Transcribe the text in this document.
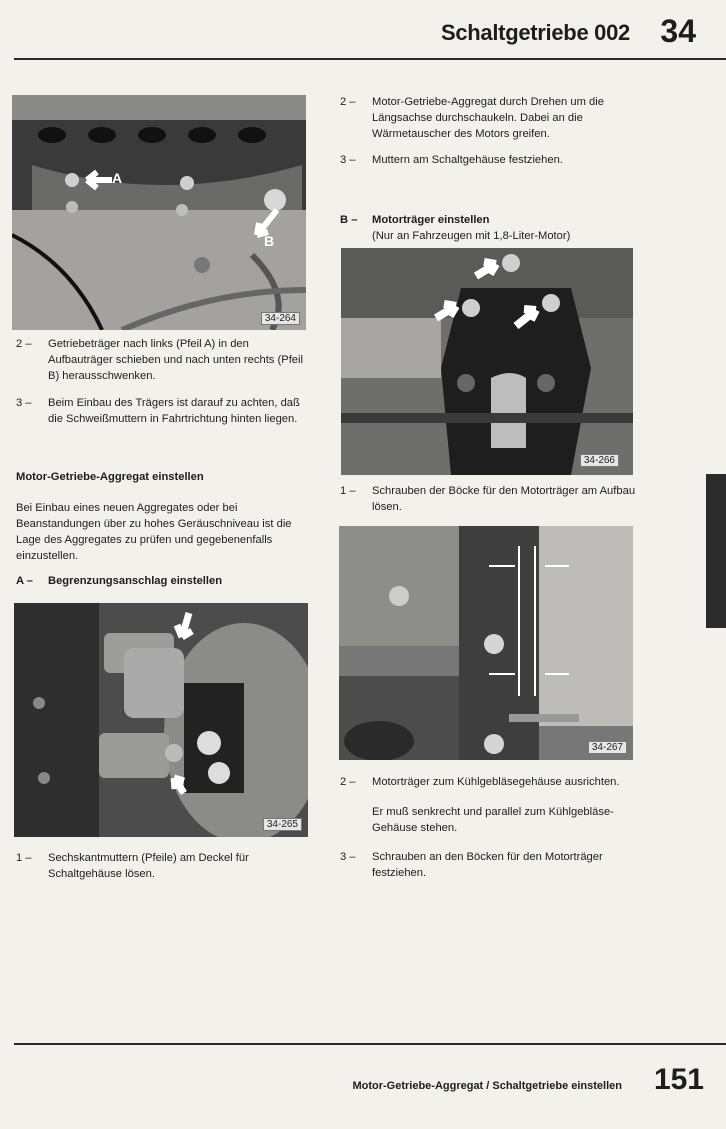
Schaltgetriebe 002 34
A
B
34-264
2 –	Getriebeträger nach links (Pfeil A) in den Aufbauträger schieben und nach unten rechts (Pfeil B) herausschwenken.
3 –	Beim Einbau des Trägers ist darauf zu achten, daß die Schweißmuttern in Fahrtrichtung hinten liegen.
Motor-Getriebe-Aggregat einstellen
Bei Einbau eines neuen Aggregates oder bei Beanstandungen über zu hohes Geräuschniveau ist die Lage des Aggregates zu prüfen und gegebenenfalls einzustellen.
A –	Begrenzungsanschlag einstellen
34-265
1 –	Sechskantmuttern (Pfeile) am Deckel für Schaltgehäuse lösen.
2 –	Motor-Getriebe-Aggregat durch Drehen um die Längsachse durchschaukeln. Dabei an die Wärmetauscher des Motors greifen.
3 –	Muttern am Schaltgehäuse festziehen.
B –	Motorträger einstellen
(Nur an Fahrzeugen mit 1,8-Liter-Motor)
34-266
1 –	Schrauben der Böcke für den Motorträger am Aufbau lösen.
34-267
2 –	Motorträger zum Kühlgebläsegehäuse ausrichten.
Er muß senkrecht und parallel zum Kühlgebläse-Gehäuse stehen.
3 –	Schrauben an den Böcken für den Motorträger festziehen.
Motor-Getriebe-Aggregat / Schaltgetriebe einstellen 151
